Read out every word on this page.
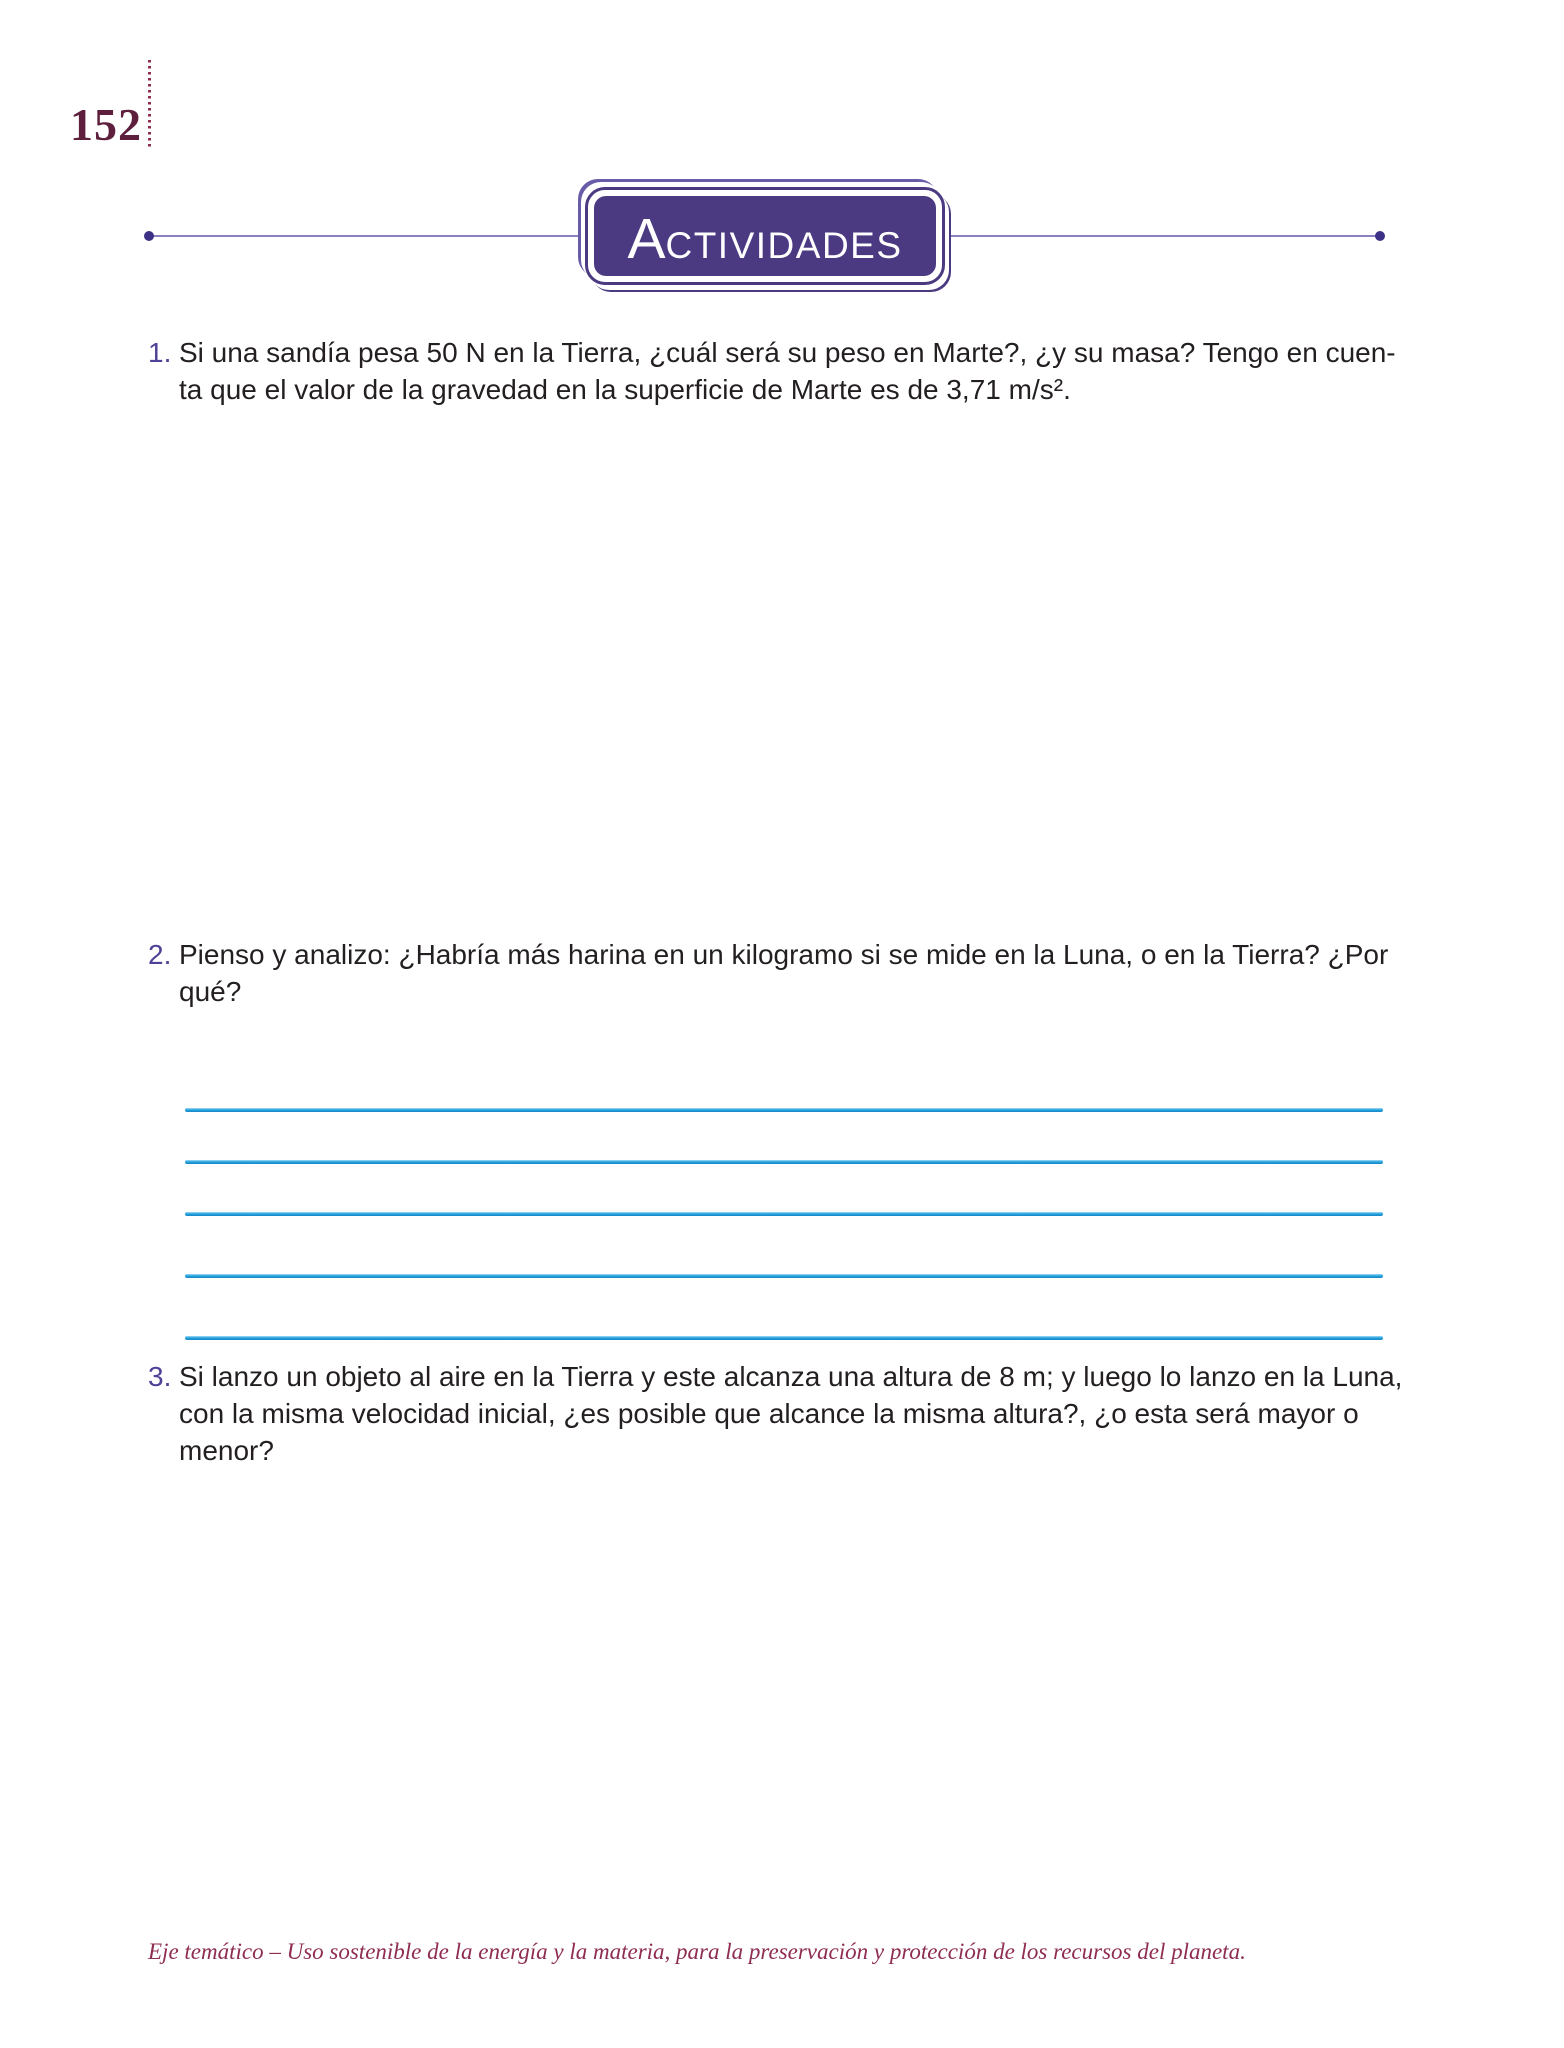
152
A CTIVIDADES
1. Si una sandía pesa 50 N en la Tierra, ¿cuál será su peso en Marte?, ¿y su masa? Tengo en cuen-
ta que el valor de la gravedad en la superficie de Marte es de 3,71 m/s².
2. Pienso y analizo: ¿Habría más harina en un kilogramo si se mide en la Luna, o en la Tierra? ¿Por
qué?
3. Si lanzo un objeto al aire en la Tierra y este alcanza una altura de 8 m; y luego lo lanzo en la Luna,
con la misma velocidad inicial, ¿es posible que alcance la misma altura?, ¿o esta será mayor o
menor?
Eje temático – Uso sostenible de la energía y la materia, para la preservación y protección de los recursos del planeta.
